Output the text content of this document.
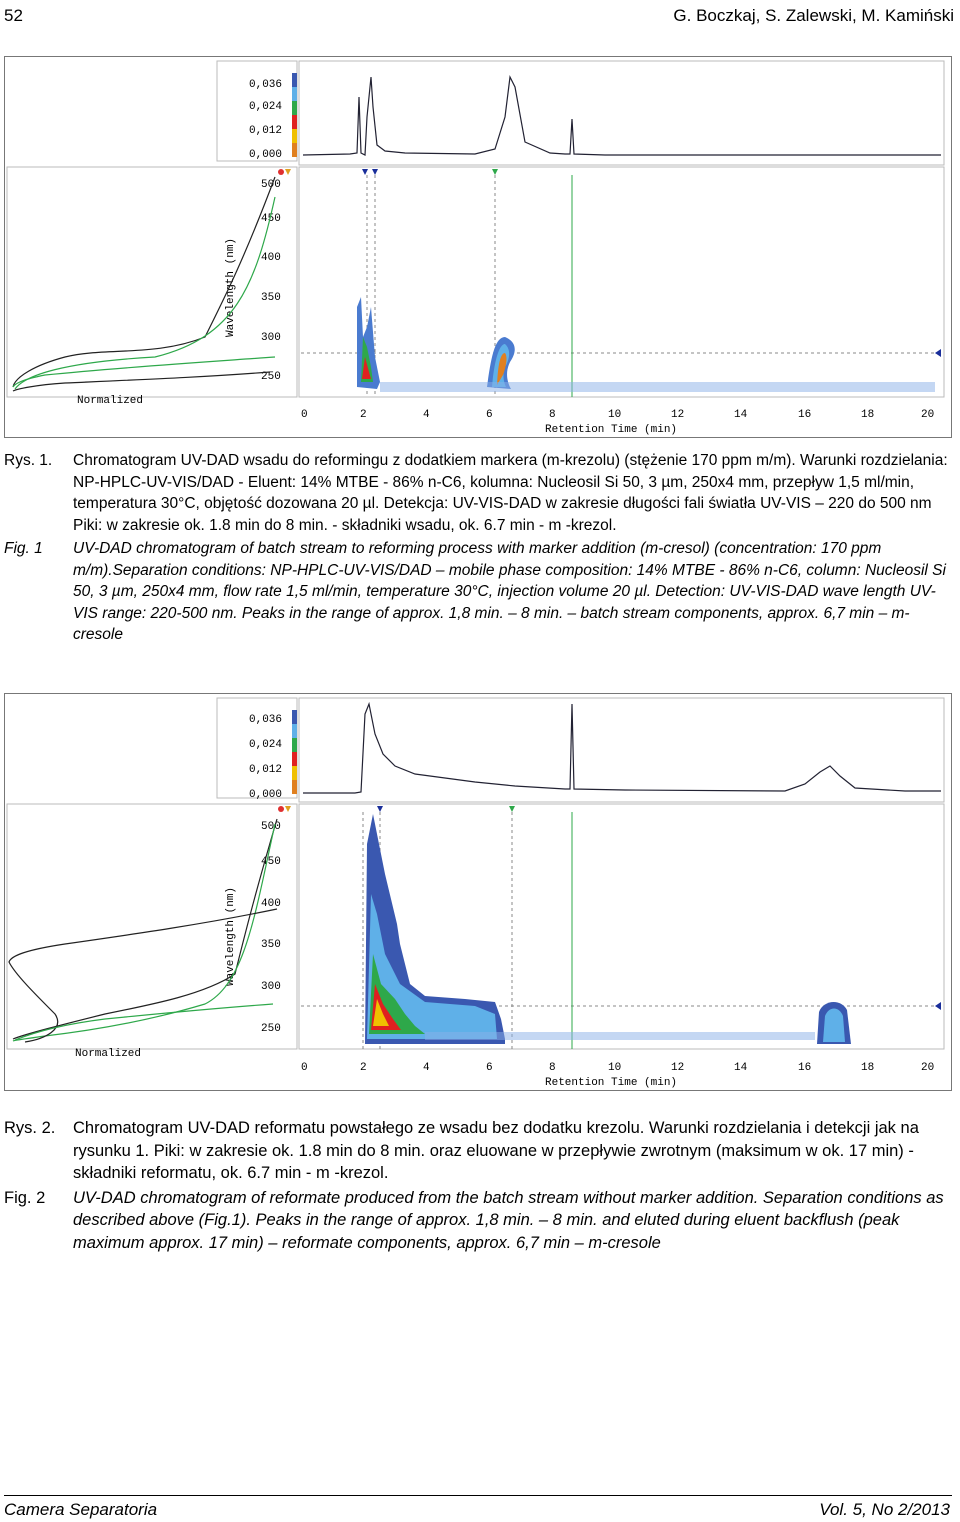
52	G. Boczkaj, S. Zalewski, M. Kamiński
0,036
0,024
0,012
0,000
500
450
400
350
300
250
Wavelength (nm)
Normalized
0	2	4	6	8	10	12	14	16	18	20
Retention Time (min)
Rys. 1. Chromatogram UV-DAD wsadu do reformingu z dodatkiem markera (m-krezolu) (stężenie 170 ppm m/m). Warunki rozdzielania: NP-HPLC-UV-VIS/DAD - Eluent: 14% MTBE - 86% n-C6, kolumna: Nucleosil Si 50, 3 µm, 250x4 mm, przepływ 1,5 ml/min, temperatura 30°C, objętość dozowana 20 µl. Detekcja: UV-VIS-DAD w zakresie długości fali światła UV-VIS – 220 do 500 nm Piki: w zakresie ok. 1.8 min do 8 min. - składniki wsadu, ok. 6.7 min - m -krezol.
Fig. 1 UV-DAD chromatogram of batch stream to reforming process with marker addition (m-cresol) (concentration: 170 ppm m/m).Separation conditions: NP-HPLC-UV-VIS/DAD – mobile phase composition: 14% MTBE - 86% n-C6, column: Nucleosil Si 50, 3 µm, 250x4 mm, flow rate 1,5 ml/min, temperature 30°C, injection volume 20 µl. Detection: UV-VIS-DAD wave length UV-VIS range: 220-500 nm. Peaks in the range of approx. 1,8 min. – 8 min. – batch stream components, approx. 6,7 min – m-cresole
0,036
0,024
0,012
0,000
500
450
400
350
300
250
Wavelength (nm)
Normalized
0	2	4	6	8	10	12	14	16	18	20
Retention Time (min)
Rys. 2. Chromatogram UV-DAD reformatu powstałego ze wsadu bez dodatku krezolu. Warunki rozdzielania i detekcji jak na rysunku 1. Piki: w zakresie ok. 1.8 min do 8 min. oraz eluowane w przepływie zwrotnym (maksimum w ok. 17 min) - składniki reformatu, ok. 6.7 min - m -krezol.
Fig. 2 UV-DAD chromatogram of reformate produced from the batch stream without marker addition. Separation conditions as described above (Fig.1). Peaks in the range of approx. 1,8 min. – 8 min. and eluted during eluent backflush (peak maximum approx. 17 min) – reformate components, approx. 6,7 min – m-cresole
Camera Separatoria	Vol. 5, No 2/2013
